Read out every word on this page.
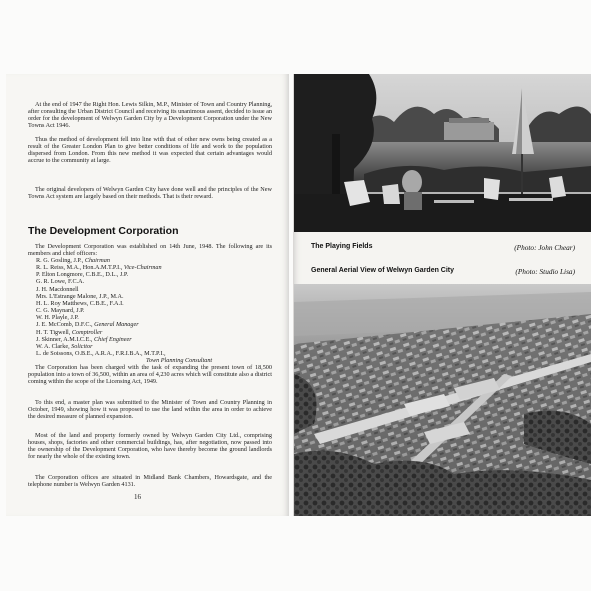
At the end of 1947 the Right Hon. Lewis Silkin, M.P., Minister of Town and Country Planning, after consulting the Urban District Council and receiving its unanimous assent, decided to issue an order for the development of Welwyn Garden City by a Development Corporation under the New Towns Act 1946.

Thus the method of development fell into line with that of other new owns being created as a result of the Greater London Plan to give better conditions of life and work to the population dispersed from London. From this new method it was expected that certain advantages would accrue to the community at large.

The original developers of Welwyn Garden City have done well and the principles of the New Towns Act system are largely based on their methods. That is their reward.

The Development Corporation

The Development Corporation was established on 14th June, 1948. The following are its members and chief officers:

R. G. Gosling, J.P., Chairman
R. L. Reiss, M.A., Hon.A.M.T.P.I., Vice-Chairman
P. Elton Longmore, C.B.E., D.L., J.P.
G. R. Lowe, F.C.A.
J. H. Macdonnell
Mrs. L'Estrange Malone, J.P., M.A.
H. L. Roy Matthews, C.B.E., F.A.I.
C. G. Maynard, J.P.
W. H. Playle, J.P.
J. E. McComb, D.F.C., General Manager
H. T. Tigwell, Comptroller
J. Skinner, A.M.I.C.E., Chief Engineer
W. A. Clarke, Solicitor
L. de Soissons, O.B.E., A.R.A., F.R.I.B.A., M.T.P.I.,
Town Planning Consultant

The Corporation has been charged with the task of expanding the present town of 18,500 population into a town of 36,500, within an area of 4,230 acres which will constitute also a district coming within the scope of the Licensing Act, 1949.

To this end, a master plan was submitted to the Minister of Town and Country Planning in October, 1949, showing how it was proposed to use the land within the area in order to achieve the desired measure of planned expansion.

Most of the land and property formerly owned by Welwyn Garden City Ltd., comprising houses, shops, factories and other commercial buildings, has, after negotiation, now passed into the ownership of the Development Corporation, who have thereby become the ground landlords for nearly the whole of the existing town.

The Corporation offices are situated in Midland Bank Chambers, Howardsgate, and the telephone number is Welwyn Garden 4131.

16
The Playing Fields	(Photo: John Chear)
General Aerial View of Welwyn Garden City	(Photo: Studio Lisa)
